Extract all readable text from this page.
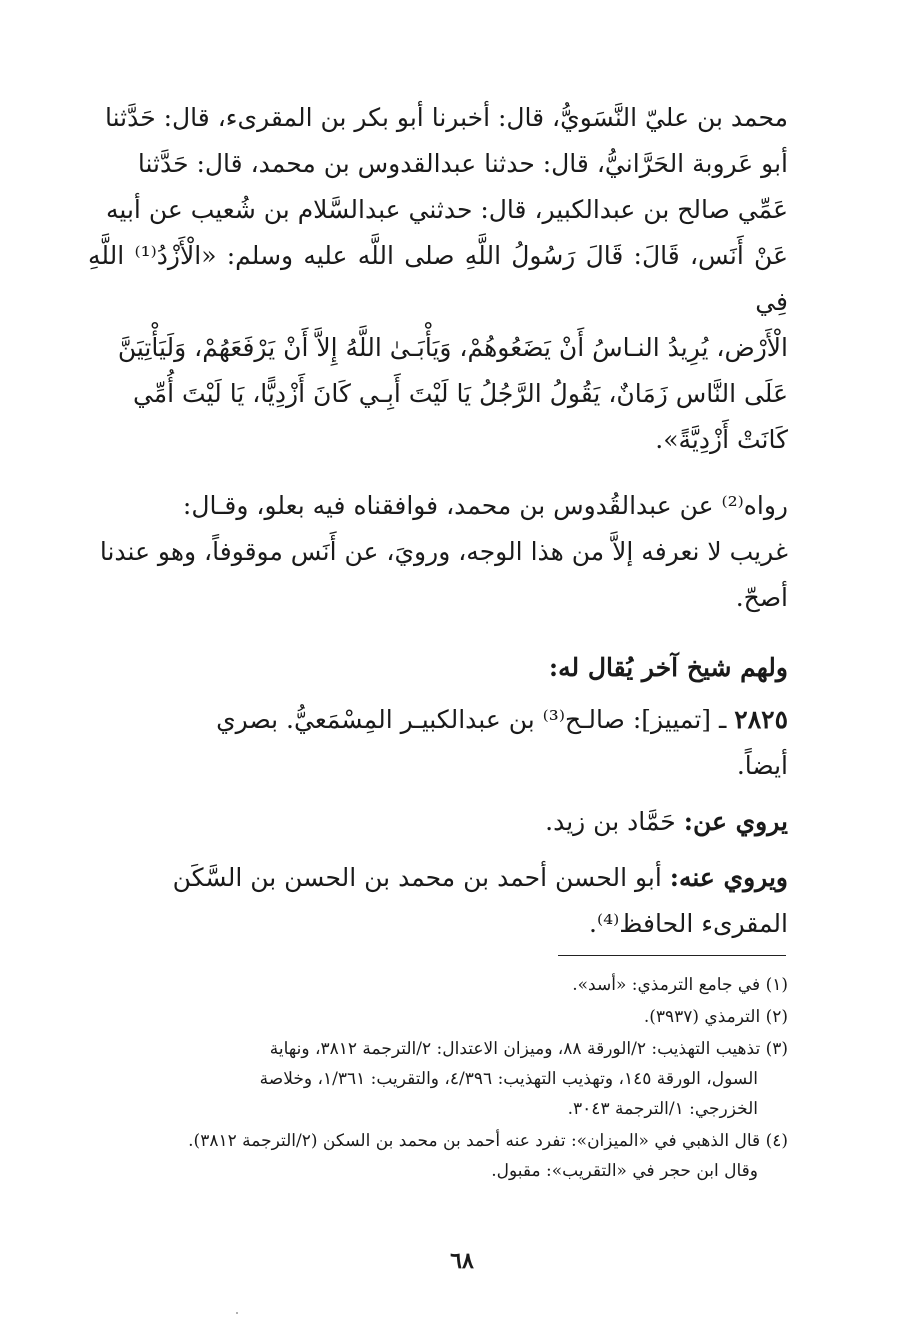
محمد بن عليّ النَّسَويُّ، قال: أخبرنا أبو بكر بن المقرىء، قال: حَدَّثنا

أبو عَروبة الحَرَّانيُّ، قال: حدثنا عبدالقدوس بن محمد، قال: حَدَّثنا

عَمِّي صالح بن عبدالكبير، قال: حدثني عبدالسَّلام بن شُعيب عن أبيه

عَنْ أَنَس، قَالَ: قَالَ رَسُولُ اللَّهِ صلى اللَّه عليه وسلم: «الْأَزْدُ⁽¹⁾ اللَّهِ فِي

الْأَرْض، يُرِيدُ النـاسُ أَنْ يَضَعُوهُمْ، وَيَأْبَـىٰ اللَّهُ إِلاَّ أَنْ يَرْفَعَهُمْ، وَلَيَأْتِيَنَّ

عَلَى النَّاس زَمَانٌ، يَقُولُ الرَّجُلُ يَا لَيْتَ أَبِـي كَانَ أَزْدِيًّا، يَا لَيْتَ أُمِّي

كَانَتْ أَزْدِيَّةً».

رواه⁽²⁾ عن عبدالقُدوس بن محمد، فوافقناه فيه بعلو، وقـال:

غريب لا نعرفه إلاَّ من هذا الوجه، ورويَ، عن أَنَس موقوفاً، وهو عندنا

أصحّ.

ولهم شيخ آخر يُقال له:

٢٨٢٥ ـ [تمييز]: صالـح⁽³⁾ بن عبدالكبيـر المِسْمَعيُّ. بصري

أيضاً.

يروي عن: حَمَّاد بن زيد.

ويروي عنه: أبو الحسن أحمد بن محمد بن الحسن بن السَّكَن

المقرىء الحافظ⁽⁴⁾.

(١) في جامع الترمذي: «أسد».
(٢) الترمذي (٣٩٣٧).
(٣) تذهيب التهذيب: ٢/الورقة ٨٨، وميزان الاعتدال: ٢/الترجمة ٣٨١٢، ونهاية
السول، الورقة ١٤٥، وتهذيب التهذيب: ٤/٣٩٦، والتقريب: ١/٣٦١، وخلاصة
الخزرجي: ١/الترجمة ٣٠٤٣.
(٤) قال الذهبي في «الميزان»: تفرد عنه أحمد بن محمد بن السكن (٢/الترجمة ٣٨١٢).
وقال ابن حجر في «التقريب»: مقبول.
٦٨
